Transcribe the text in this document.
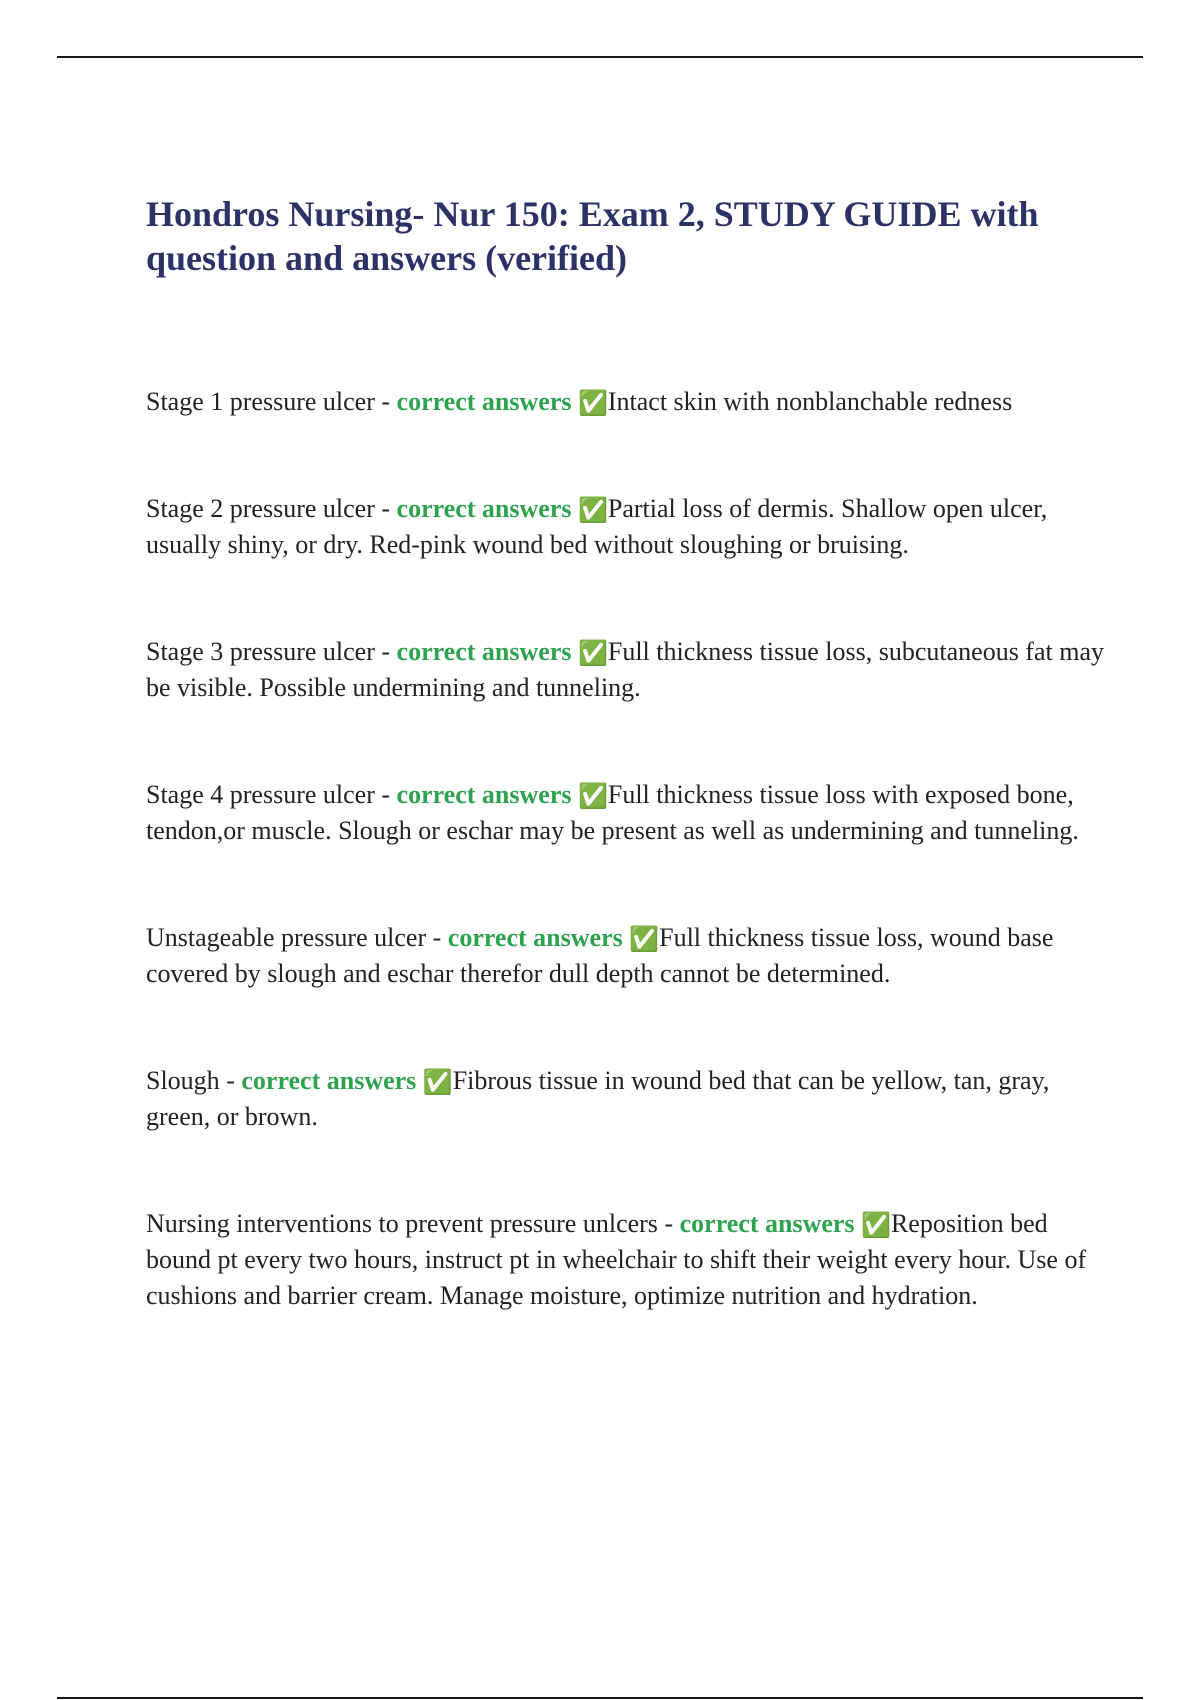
Hondros Nursing- Nur 150: Exam 2, STUDY GUIDE with question and answers (verified)

Stage 1 pressure ulcer - correct answers ✅Intact skin with nonblanchable redness

Stage 2 pressure ulcer - correct answers ✅Partial loss of dermis. Shallow open ulcer, usually shiny, or dry. Red-pink wound bed without sloughing or bruising.

Stage 3 pressure ulcer - correct answers ✅Full thickness tissue loss, subcutaneous fat may be visible. Possible undermining and tunneling.

Stage 4 pressure ulcer - correct answers ✅Full thickness tissue loss with exposed bone, tendon,or muscle. Slough or eschar may be present as well as undermining and tunneling.

Unstageable pressure ulcer - correct answers ✅Full thickness tissue loss, wound base covered by slough and eschar therefor dull depth cannot be determined.

Slough - correct answers ✅Fibrous tissue in wound bed that can be yellow, tan, gray, green, or brown.

Nursing interventions to prevent pressure unlcers - correct answers ✅Reposition bed bound pt every two hours, instruct pt in wheelchair to shift their weight every hour. Use of cushions and barrier cream. Manage moisture, optimize nutrition and hydration.
